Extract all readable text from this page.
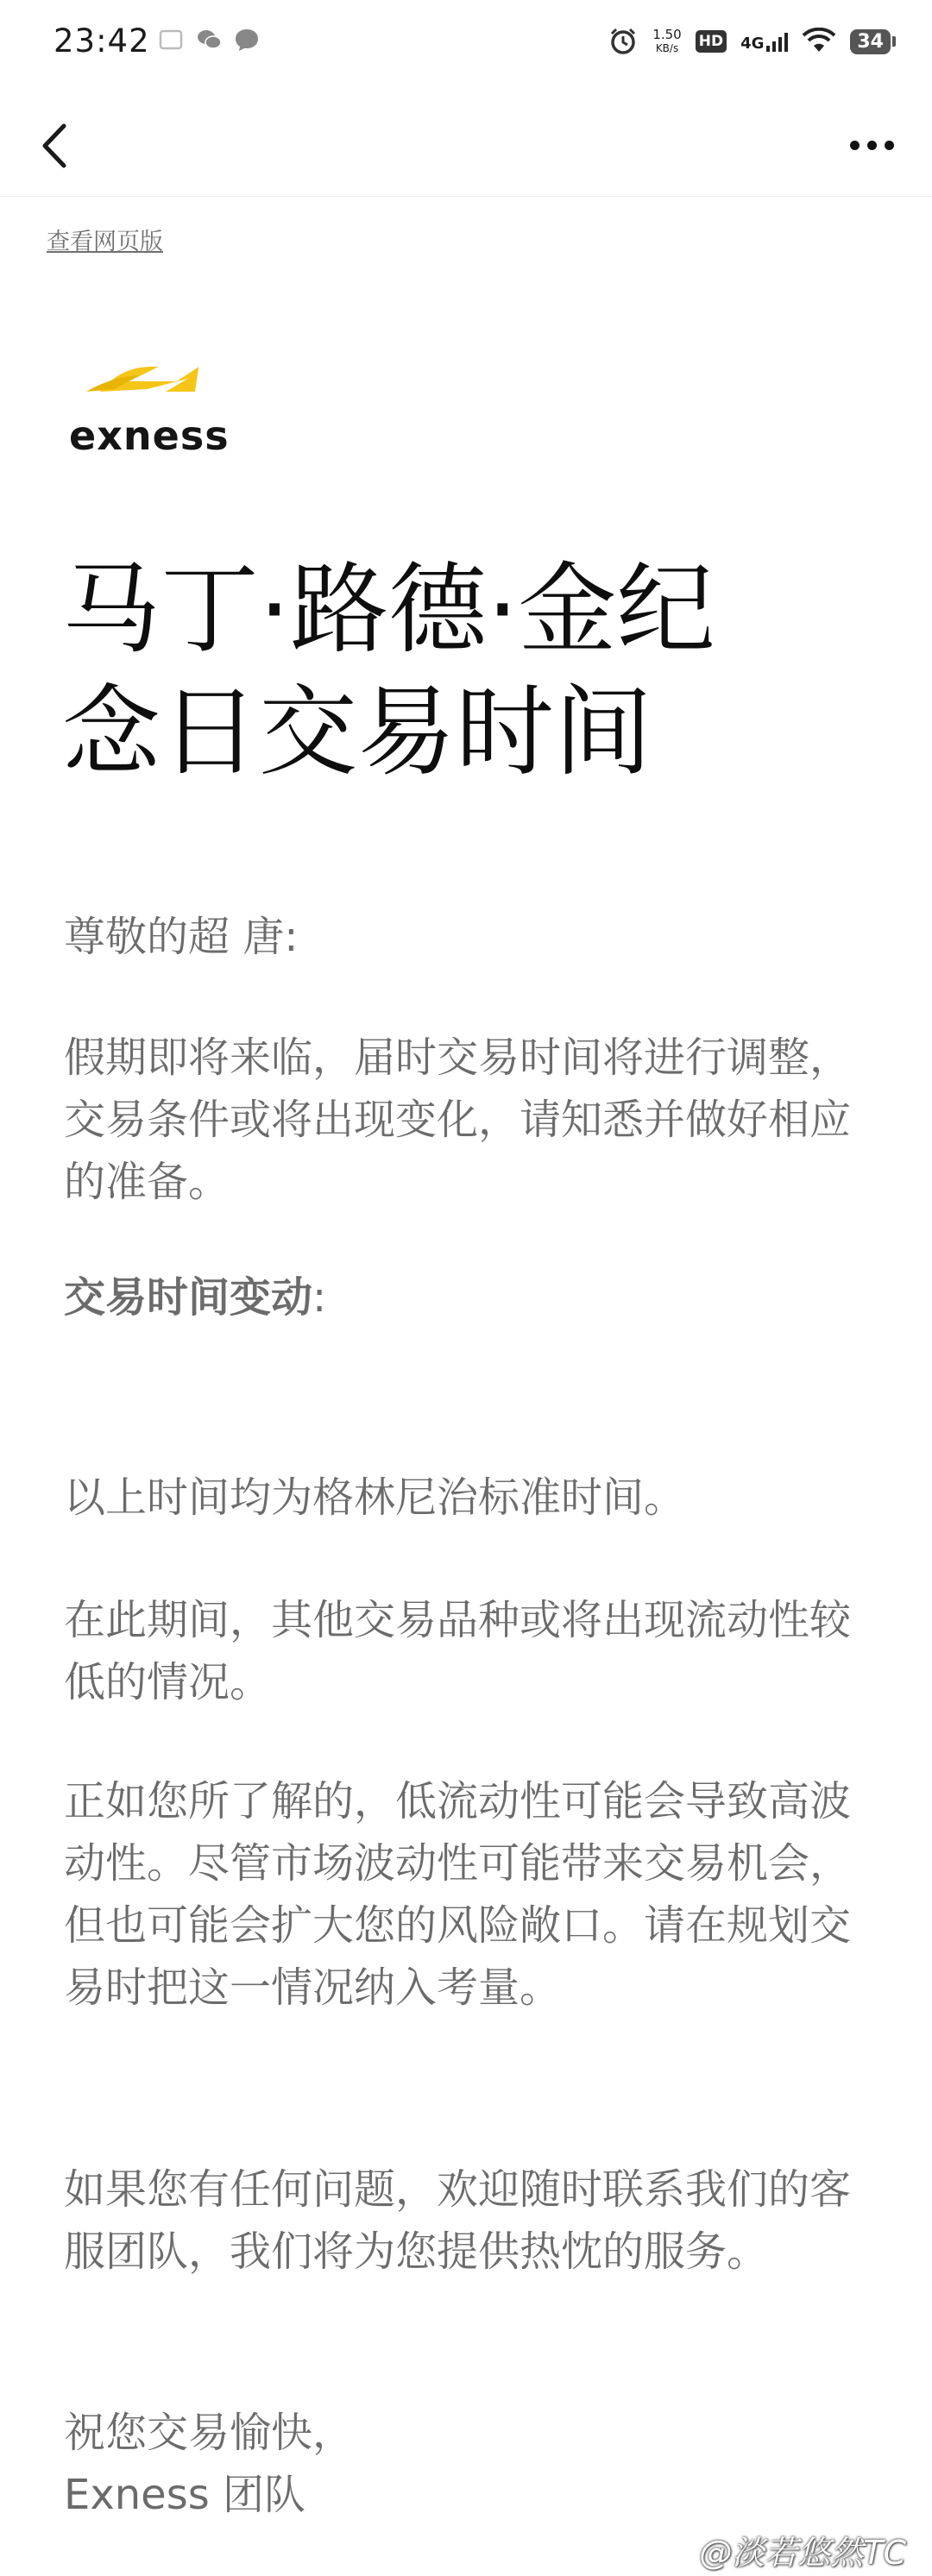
23:42	1.50
KB/s HD 4G	34
查看网页版
exness
马丁·路德·金纪
念日交易时间
尊敬的超 唐:
假期即将来临，届时交易时间将进行调整，交易条件或将出现变化，请知悉并做好相应的准备。
交易时间变动:
以上时间均为格林尼治标准时间。
在此期间，其他交易品种或将出现流动性较低的情况。
正如您所了解的，低流动性可能会导致高波动性。尽管市场波动性可能带来交易机会，但也可能会扩大您的风险敞口。请在规划交易时把这一情况纳入考量。
如果您有任何问题，欢迎随时联系我们的客服团队，我们将为您提供热忱的服务。
祝您交易愉快，
Exness 团队
@淡若悠然TC
